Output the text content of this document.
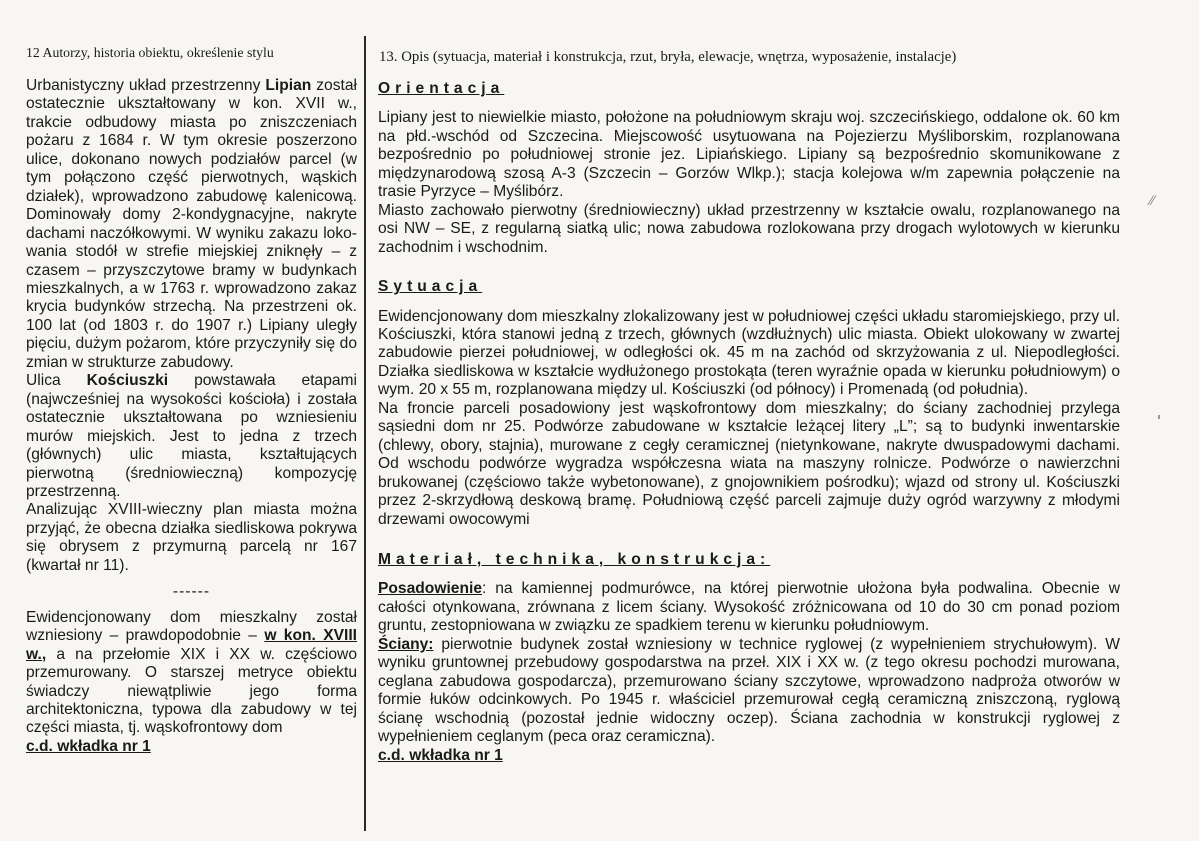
12 Autorzy, historia obiektu, określenie stylu

Urbanistyczny układ przestrzenny Lipian został ostatecznie ukształtowany w kon. XVII w., trakcie odbudowy miasta po zniszczeniach pożaru z 1684 r. W tym okresie poszerzono ulice, dokonano nowych podziałów parcel (w tym połączono część pierwotnych, wąskich działek), wprowadzono zabudowę kalenicową. Dominowały domy 2-kondygnacyjne, nakryte dachami naczółkowymi. W wyniku zakazu lokowania stodół w strefie miejskiej zniknęły – z czasem – przyszczytowe bramy w budynkach mieszkalnych, a w 1763 r. wprowadzono zakaz krycia budynków strzechą. Na przestrzeni ok. 100 lat (od 1803 r. do 1907 r.) Lipiany uległy pięciu, dużym pożarom, które przyczyniły się do zmian w strukturze zabudowy.

Ulica Kościuszki powstawała etapami (najwcześniej na wysokości kościoła) i została ostatecznie ukształtowana po wzniesieniu murów miejskich. Jest to jedna z trzech (głównych) ulic miasta, kształtujących pierwotną (średniowieczną) kompozycję przestrzenną.

Analizując XVIII-wieczny plan miasta można przyjąć, że obecna działka siedliskowa pokrywa się obrysem z przymurną parcelą nr 167 (kwartał nr 11).

------

Ewidencjonowany dom mieszkalny został wzniesiony – prawdopodobnie – w kon. XVIII w., a na przełomie XIX i XX w. częściowo przemurowany. O starszej metryce obiektu świadczy niewątpliwie jego forma architektoniczna, typowa dla zabudowy w tej części miasta, tj. wąskofrontowy dom

c.d. wkładka nr 1

13. Opis (sytuacja, materiał i konstrukcja, rzut, bryła, elewacje, wnętrza, wyposażenie, instalacje)
Orientacja

Lipiany jest to niewielkie miasto, położone na południowym skraju woj. szczecińskiego, oddalone ok. 60 km na płd.-wschód od Szczecina. Miejscowość usytuowana na Pojezierzu Myśliborskim, rozplanowana bezpośrednio po południowej stronie jez. Lipiańskiego. Lipiany są bezpośrednio skomunikowane z międzynarodową szosą A-3 (Szczecin – Gorzów Wlkp.); stacja kolejowa w/m zapewnia połączenie na trasie Pyrzyce – Myślibórz.

Miasto zachowało pierwotny (średniowieczny) układ przestrzenny w kształcie owalu, rozplanowanego na osi NW – SE, z regularną siatką ulic; nowa zabudowa rozlokowana przy drogach wylotowych w kierunku zachodnim i wschodnim.

Sytuacja

Ewidencjonowany dom mieszkalny zlokalizowany jest w południowej części układu staromiejskiego, przy ul. Kościuszki, która stanowi jedną z trzech, głównych (wzdłużnych) ulic miasta. Obiekt ulokowany w zwartej zabudowie pierzei południowej, w odległości ok. 45 m na zachód od skrzyżowania z ul. Niepodległości. Działka siedliskowa w kształcie wydłużonego prostokąta (teren wyraźnie opada w kierunku południowym) o wym. 20 x 55 m, rozplanowana między ul. Kościuszki (od północy) i Promenadą (od południa).

Na froncie parceli posadowiony jest wąskofrontowy dom mieszkalny; do ściany zachodniej przylega sąsiedni dom nr 25. Podwórze zabudowane w kształcie leżącej litery „L”; są to budynki inwentarskie (chlewy, obory, stajnia), murowane z cegły ceramicznej (nietynkowane, nakryte dwuspadowymi dachami. Od wschodu podwórze wygradza współczesna wiata na maszyny rolnicze. Podwórze o nawierzchni brukowanej (częściowo także wybetonowane), z gnojownikiem pośrodku); wjazd od strony ul. Kościuszki przez 2-skrzydłową deskową bramę. Południową część parceli zajmuje duży ogród warzywny z młodymi drzewami owocowymi

Materiał, technika, konstrukcja:

Posadowienie: na kamiennej podmurówce, na której pierwotnie ułożona była podwalina. Obecnie w całości otynkowana, zrównana z licem ściany. Wysokość zróżnicowana od 10 do 30 cm ponad poziom gruntu, zestopniowana w związku ze spadkiem terenu w kierunku południowym.

Ściany: pierwotnie budynek został wzniesiony w technice ryglowej (z wypełnieniem strychułowym). W wyniku gruntownej przebudowy gospodarstwa na przeł. XIX i XX w. (z tego okresu pochodzi murowana, ceglana zabudowa gospodarcza), przemurowano ściany szczytowe, wprowadzono nadproża otworów w formie łuków odcinkowych. Po 1945 r. właściciel przemurował cegłą ceramiczną zniszczoną, ryglową ścianę wschodnią (pozostał jednie widoczny oczep). Ściana zachodnia w konstrukcji ryglowej z wypełnieniem ceglanym (peca oraz ceramiczna).

c.d. wkładka nr 1

⁄⁄
